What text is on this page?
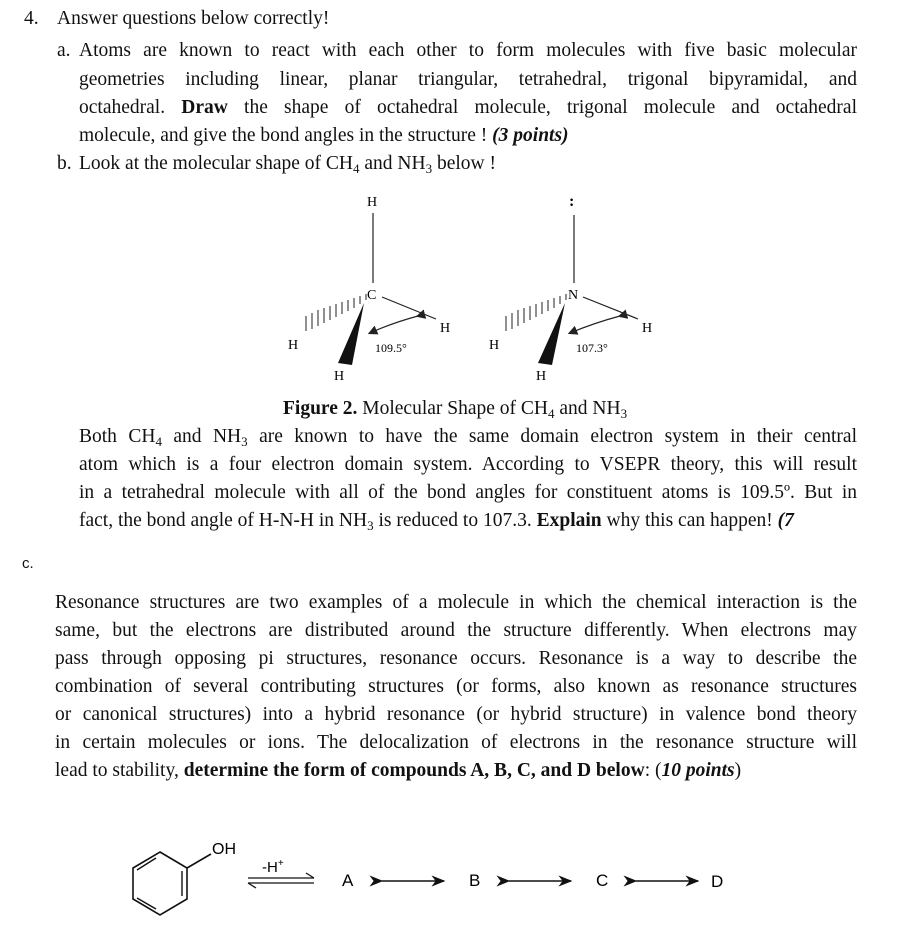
4. Answer questions below correctly!
a. Atoms are known to react with each other to form molecules with five basic molecular
geometries including linear, planar triangular, tetrahedral, trigonal bipyramidal, and
octahedral. Draw the shape of octahedral molecule, trigonal molecule and octahedral
molecule, and give the bond angles in the structure ! (3 points)
b. Look at the molecular shape of $CH_4$ and $NH_3$ below !
H
C
H
H
H
109.5°
:
N
H
H
H
107.3°
Figure 2. Molecular Shape of $CH_4$ and $NH_3$
Both $CH_4$ and $NH_3$ are known to have the same domain electron system in their central
atom which is a four electron domain system. According to VSEPR theory, this will result
in a tetrahedral molecule with all of the bond angles for constituent atoms is 109.5º. But in
fact, the bond angle of H-N-H in $NH_3$ is reduced to 107.3. Explain why this can happen! (7
c.
Resonance structures are two examples of a molecule in which the chemical interaction is the
same, but the electrons are distributed around the structure differently. When electrons may
pass through opposing pi structures, resonance occurs. Resonance is a way to describe the
combination of several contributing structures (or forms, also known as resonance structures
or canonical structures) into a hybrid resonance (or hybrid structure) in valence bond theory
in certain molecules or ions. The delocalization of electrons in the resonance structure will
lead to stability, determine the form of compounds A, B, C, and D below: (10 points)
OH
-H+
A	B	C	D
